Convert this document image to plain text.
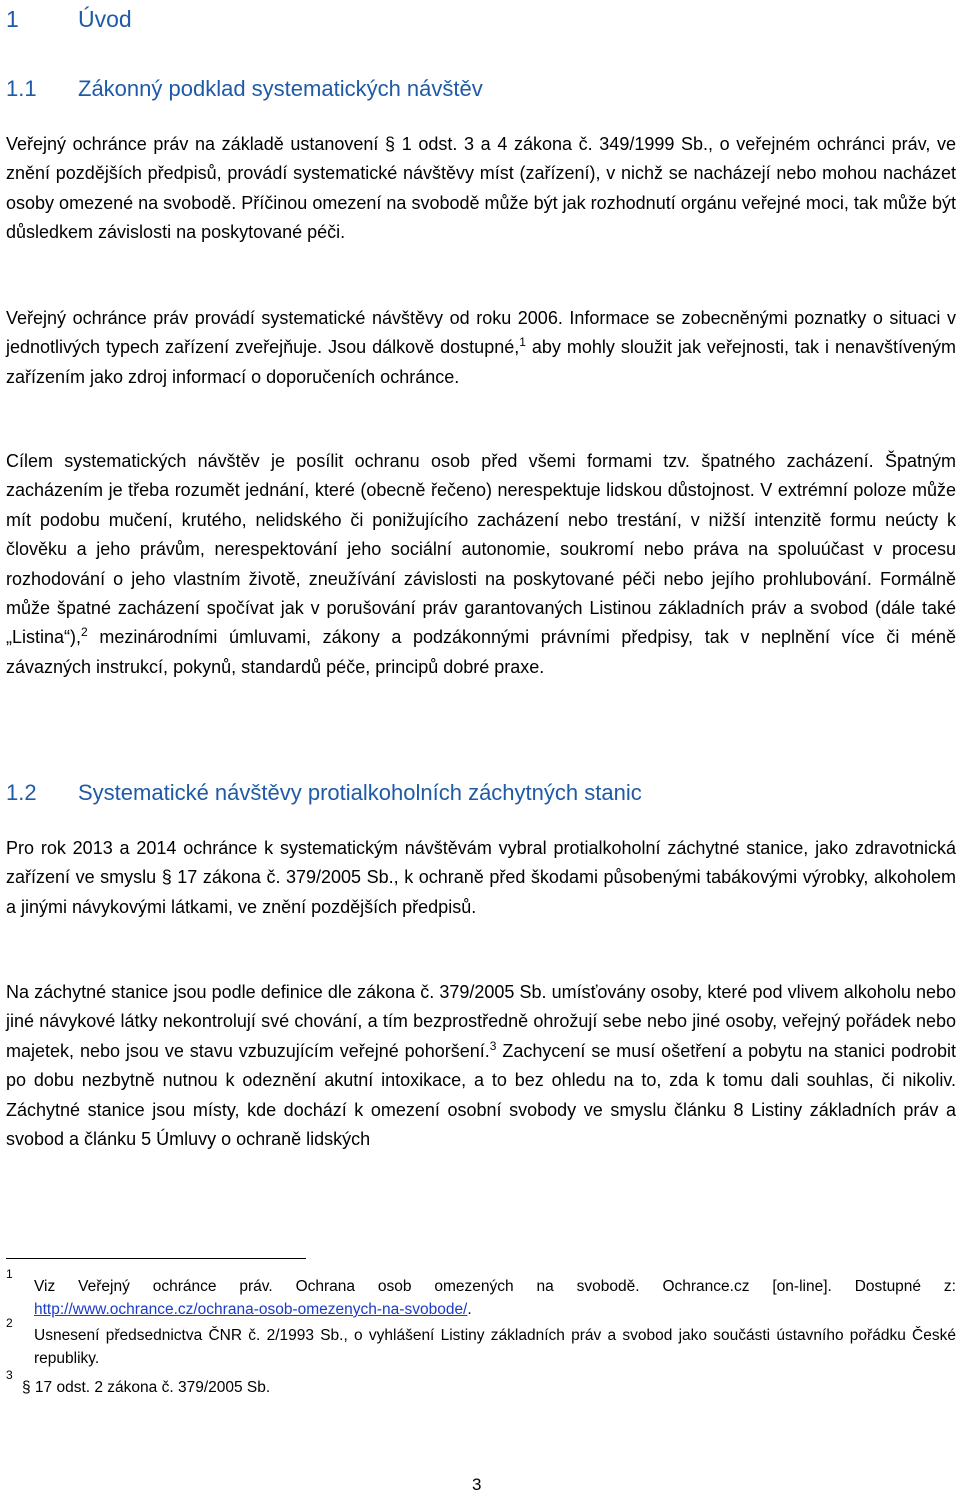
1	Úvod
1.1 Zákonný podklad systematických návštěv
Veřejný ochránce práv na základě ustanovení § 1 odst. 3 a 4 zákona č. 349/1999 Sb., o veřejném ochránci práv, ve znění pozdějších předpisů, provádí systematické návštěvy míst (zařízení), v nichž se nacházejí nebo mohou nacházet osoby omezené na svobodě. Příčinou omezení na svobodě může být jak rozhodnutí orgánu veřejné moci, tak může být důsledkem závislosti na poskytované péči.
Veřejný ochránce práv provádí systematické návštěvy od roku 2006. Informace se zobecněnými poznatky o situaci v jednotlivých typech zařízení zveřejňuje. Jsou dálkově dostupné,$^1$ aby mohly sloužit jak veřejnosti, tak i nenavštíveným zařízením jako zdroj informací o doporučeních ochránce.
Cílem systematických návštěv je posílit ochranu osob před všemi formami tzv. špatného zacházení. Špatným zacházením je třeba rozumět jednání, které (obecně řečeno) nerespektuje lidskou důstojnost. V extrémní poloze může mít podobu mučení, krutého, nelidského či ponižujícího zacházení nebo trestání, v nižší intenzitě formu neúcty k člověku a jeho právům, nerespektování jeho sociální autonomie, soukromí nebo práva na spoluúčast v procesu rozhodování o jeho vlastním životě, zneužívání závislosti na poskytované péči nebo jejího prohlubování. Formálně může špatné zacházení spočívat jak v porušování práv garantovaných Listinou základních práv a svobod (dále také „Listina“),$^2$ mezinárodními úmluvami, zákony a podzákonnými právními předpisy, tak v neplnění více či méně závazných instrukcí, pokynů, standardů péče, principů dobré praxe.
1.2 Systematické návštěvy protialkoholních záchytných stanic
Pro rok 2013 a 2014 ochránce k systematickým návštěvám vybral protialkoholní záchytné stanice, jako zdravotnická zařízení ve smyslu § 17 zákona č. 379/2005 Sb., k ochraně před škodami působenými tabákovými výrobky, alkoholem a jinými návykovými látkami, ve znění pozdějších předpisů.
Na záchytné stanice jsou podle definice dle zákona č. 379/2005 Sb. umísťovány osoby, které pod vlivem alkoholu nebo jiné návykové látky nekontrolují své chování, a tím bezprostředně ohrožují sebe nebo jiné osoby, veřejný pořádek nebo majetek, nebo jsou ve stavu vzbuzujícím veřejné pohoršení.$^3$ Zachycení se musí ošetření a pobytu na stanici podrobit po dobu nezbytně nutnou k odeznění akutní intoxikace, a to bez ohledu na to, zda k tomu dali souhlas, či nikoliv. Záchytné stanice jsou místy, kde dochází k omezení osobní svobody ve smyslu článku 8 Listiny základních práv a svobod a článku 5 Úmluvy o ochraně lidských
1
Viz Veřejný ochránce práv. Ochrana osob omezených na svobodě. Ochrance.cz [on-line]. Dostupné z: http://www.ochrance.cz/ochrana-osob-omezenych-na-svobode/.
2
Usnesení předsednictva ČNR č. 2/1993 Sb., o vyhlášení Listiny základních práv a svobod jako součásti ústavního pořádku České republiky.
3
§ 17 odst. 2 zákona č. 379/2005 Sb.
3
